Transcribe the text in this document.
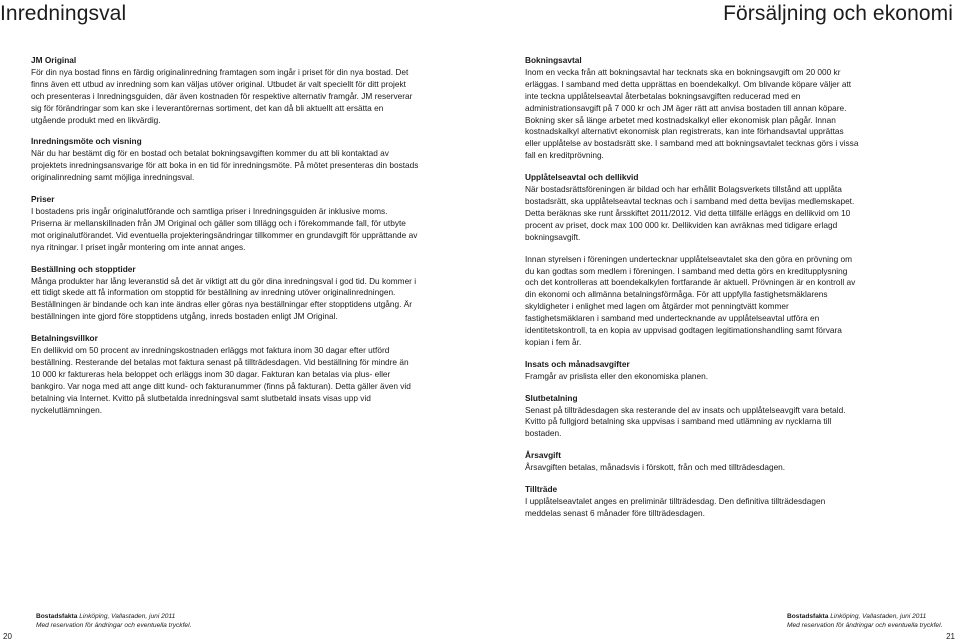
Inredningsval	Försäljning och ekonomi
JM Original

För din nya bostad finns en färdig originalinredning framtagen som ingår i priset för din nya bostad. Det finns även ett utbud av inredning som kan väljas utöver original. Utbudet är valt speciellt för ditt projekt och presenteras i Inredningsguiden, där även kostnaden för respektive alternativ framgår. JM reserverar sig för förändringar som kan ske i leverantörernas sortiment, det kan då bli aktuellt att ersätta en utgående produkt med en likvärdig.

Inredningsmöte och visning

När du har bestämt dig för en bostad och betalat bokningsavgiften kommer du att bli kontaktad av projektets inredningsansvarige för att boka in en tid för inredningsmöte. På mötet presenteras din bostads originalinredning samt möjliga inredningsval.

Priser

I bostadens pris ingår originalutförande och samtliga priser i Inredningsguiden är inklusive moms. Priserna är mellanskillnaden från JM Original och gäller som tillägg och i förekommande fall, för utbyte mot originalutförandet. Vid eventuella projekteringsändringar tillkommer en grundavgift för upprättande av nya ritningar. I priset ingår montering om inte annat anges.

Beställning och stopptider

Många produkter har lång leveranstid så det är viktigt att du gör dina inredningsval i god tid. Du kommer i ett tidigt skede att få information om stopptid för beställning av inredning utöver originalinredningen. Beställningen är bindande och kan inte ändras eller göras nya beställningar efter stopptidens utgång. Är beställningen inte gjord före stopptidens utgång, inreds bostaden enligt JM Original.

Betalningsvillkor

En dellikvid om 50 procent av inredningskostnaden erläggs mot faktura inom 30 dagar efter utförd beställning. Resterande del betalas mot faktura senast på tillträdesdagen. Vid beställning för mindre än 10 000 kr faktureras hela beloppet och erläggs inom 30 dagar. Fakturan kan betalas via plus- eller bankgiro. Var noga med att ange ditt kund- och fakturanummer (finns på fakturan). Detta gäller även vid betalning via Internet. Kvitto på slutbetalda inredningsval samt slutbetald insats visas upp vid nyckelutlämningen.

Bokningsavtal

Inom en vecka från att bokningsavtal har tecknats ska en bokningsavgift om 20 000 kr erläggas. I samband med detta upprättas en boendekalkyl. Om blivande köpare väljer att inte teckna upplåtelseavtal återbetalas bokningsavgiften reducerad med en administrationsavgift på 7 000 kr och JM äger rätt att anvisa bostaden till annan köpare. Bokning sker så länge arbetet med kostnadskalkyl eller ekonomisk plan pågår. Innan kostnadskalkyl alternativt ekonomisk plan registrerats, kan inte förhandsavtal upprättas eller upplåtelse av bostadsrätt ske. I samband med att bokningsavtalet tecknas görs i vissa fall en kreditprövning.

Upplåtelseavtal och dellikvid

När bostadsrättsföreningen är bildad och har erhållit Bolagsverkets tillstånd att upplåta bostadsrätt, ska upplåtelseavtal tecknas och i samband med detta bevijas medlemskapet. Detta beräknas ske runt årsskiftet 2011/2012. Vid detta tillfälle erläggs en dellikvid om 10 procent av priset, dock max 100 000 kr. Dellikviden kan avräknas med tidigare erlagd bokningsavgift.

Innan styrelsen i föreningen undertecknar upplåtelseavtalet ska den göra en prövning om du kan godtas som medlem i föreningen. I samband med detta görs en kreditupplysning och det kontrolleras att boendekalkylen fortfarande är aktuell. Prövningen är en kontroll av din ekonomi och allmänna betalningsförmåga. För att uppfylla fastighetsmäklarens skyldigheter i enlighet med lagen om åtgärder mot penningtvätt kommer fastighetsmäklaren i samband med undertecknande av upplåtelseavtal utföra en identitetskontroll, ta en kopia av uppvisad godtagen legitimationshandling samt förvara kopian i fem år.

Insats och månadsavgifter

Framgår av prislista eller den ekonomiska planen.

Slutbetalning

Senast på tillträdesdagen ska resterande del av insats och upplåtelseavgift vara betald. Kvitto på fullgjord betalning ska uppvisas i samband med utlämning av nycklarna till bostaden.

Årsavgift

Årsavgiften betalas, månadsvis i förskott, från och med tillträdesdagen.

Tillträde

I upplåtelseavtalet anges en preliminär tillträdesdag. Den definitiva tillträdesdagen meddelas senast 6 månader före tillträdesdagen.

Bostadsfakta Linköping, Vallastaden, juni 2011
Med reservation för ändringar och eventuella tryckfel.
Bostadsfakta Linköping, Vallastaden, juni 2011
Med reservation för ändringar och eventuella tryckfel.
20	21
